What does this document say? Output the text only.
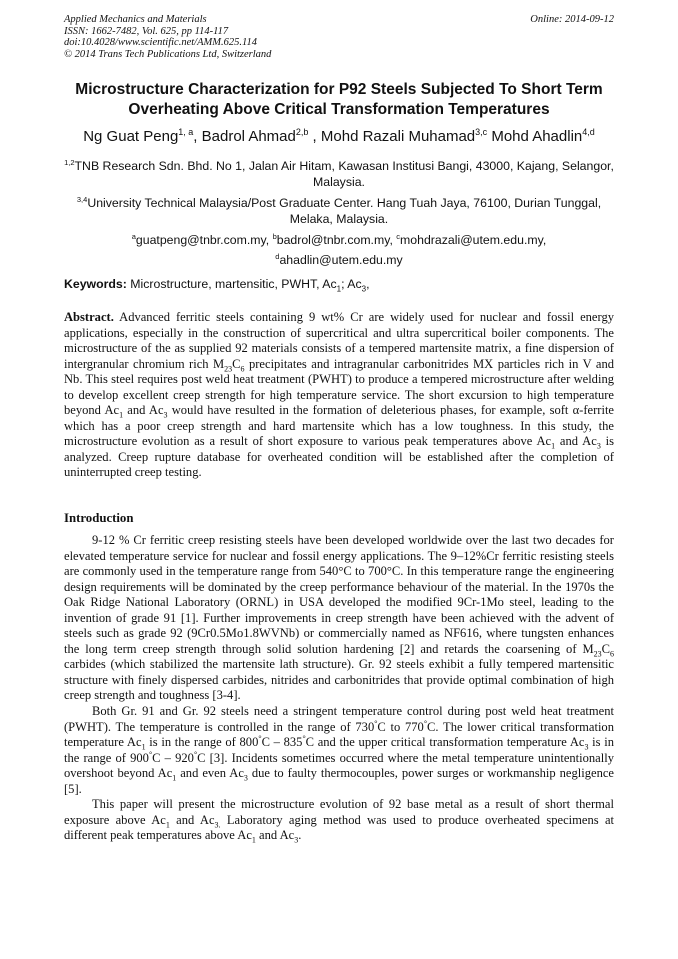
Applied Mechanics and Materials
ISSN: 1662-7482, Vol. 625, pp 114-117
doi:10.4028/www.scientific.net/AMM.625.114
© 2014 Trans Tech Publications Ltd, Switzerland
Online: 2014-09-12
Microstructure Characterization for P92 Steels Subjected To Short Term Overheating Above Critical Transformation Temperatures
Ng Guat Peng$^{1, a}$, Badrol Ahmad$^{2,b}$ , Mohd Razali Muhamad$^{3,c}$ Mohd Ahadlin$^{4,d}$
$^{1,2}$TNB Research Sdn. Bhd. No 1, Jalan Air Hitam, Kawasan Institusi Bangi, 43000, Kajang, Selangor, Malaysia.
$^{3,4}$University Technical Malaysia/Post Graduate Center. Hang Tuah Jaya, 76100, Durian Tunggal, Melaka, Malaysia.
$^a$guatpeng@tnbr.com.my, $^b$badrol@tnbr.com.my, $^c$mohdrazali@utem.edu.my,
$^d$ahadlin@utem.edu.my
Keywords: Microstructure, martensitic, PWHT, $Ac_1$; $Ac_3$,

Abstract. Advanced ferritic steels containing 9 wt% Cr are widely used for nuclear and fossil energy applications, especially in the construction of supercritical and ultra supercritical boiler components. The microstructure of the as supplied 92 materials consists of a tempered martensite matrix, a fine dispersion of intergranular chromium rich $M_{23}C_6$ precipitates and intragranular carbonitrides MX particles rich in V and Nb. This steel requires post weld heat treatment (PWHT) to produce a tempered microstructure after welding to develop excellent creep strength for high temperature service. The short excursion to high temperature beyond $Ac_1$ and $Ac_3$ would have resulted in the formation of deleterious phases, for example, soft α-ferrite which has a poor creep strength and hard martensite which has a low toughness. In this study, the microstructure evolution as a result of short exposure to various peak temperatures above $Ac_1$ and $Ac_3$ is analyzed. Creep rupture database for overheated condition will be established after the completion of uninterrupted creep testing.

Introduction

9-12 % Cr ferritic creep resisting steels have been developed worldwide over the last two decades for elevated temperature service for nuclear and fossil energy applications. The 9–12%Cr ferritic resisting steels are commonly used in the temperature range from 540°C to 700°C. In this temperature range the engineering design requirements will be dominated by the creep performance behaviour of the material. In the 1970s the Oak Ridge National Laboratory (ORNL) in USA developed the modified 9Cr-1Mo steel, leading to the invention of grade 91 [1]. Further improvements in creep strength have been achieved with the advent of steels such as grade 92 (9Cr0.5Mo1.8WVNb) or commercially named as NF616, where tungsten enhances the long term creep strength through solid solution hardening [2] and retards the coarsening of $M_{23}C_6$ carbides (which stabilized the martensite lath structure). Gr. 92 steels exhibit a fully tempered martensitic structure with finely dispersed carbides, nitrides and carbonitrides that provide optimal combination of high creep strength and toughness [3-4].

Both Gr. 91 and Gr. 92 steels need a stringent temperature control during post weld heat treatment (PWHT). The temperature is controlled in the range of 730°C to 770°C. The lower critical transformation temperature $Ac_1$ is in the range of 800°C – 835°C and the upper critical transformation temperature $Ac_3$ is in the range of 900°C – 920°C [3]. Incidents sometimes occurred where the metal temperature unintentionally overshoot beyond $Ac_1$ and even $Ac_3$ due to faulty thermocouples, power surges or workmanship negligence [5].

This paper will present the microstructure evolution of 92 base metal as a result of short thermal exposure above $Ac_1$ and $Ac_{3.}$ Laboratory aging method was used to produce overheated specimens at different peak temperatures above $Ac_1$ and $Ac_3$.
